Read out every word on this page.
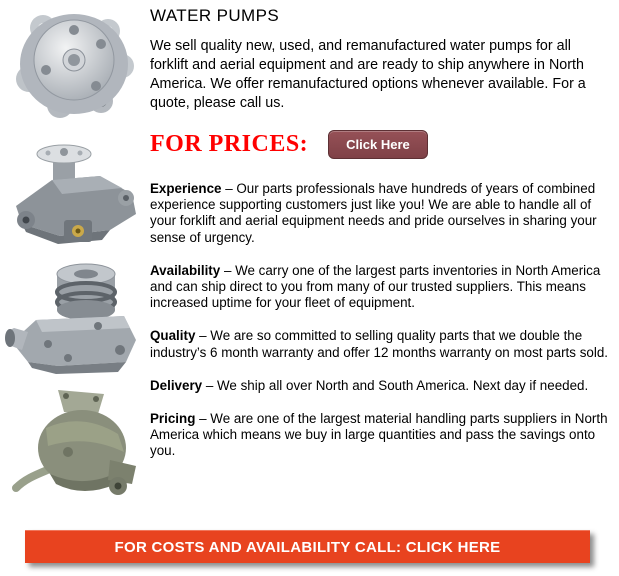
WATER PUMPS

We sell quality new, used, and remanufactured water pumps for all forklift and aerial equipment and are ready to ship anywhere in North America. We offer remanufactured options whenever available. For a quote, please call us.

FOR PRICES:	Click Here

Experience – Our parts professionals have hundreds of years of combined experience supporting customers just like you! We are able to handle all of your forklift and aerial equipment needs and pride ourselves in sharing your sense of urgency.

Availability – We carry one of the largest parts inventories in North America and can ship direct to you from many of our trusted suppliers. This means increased uptime for your fleet of equipment.

Quality – We are so committed to selling quality parts that we double the industry’s 6 month warranty and offer 12 months warranty on most parts sold.

Delivery – We ship all over North and South America. Next day if needed.

Pricing – We are one of the largest material handling parts suppliers in North America which means we buy in large quantities and pass the savings onto you.

FOR COSTS AND AVAILABILITY CALL: CLICK HERE
